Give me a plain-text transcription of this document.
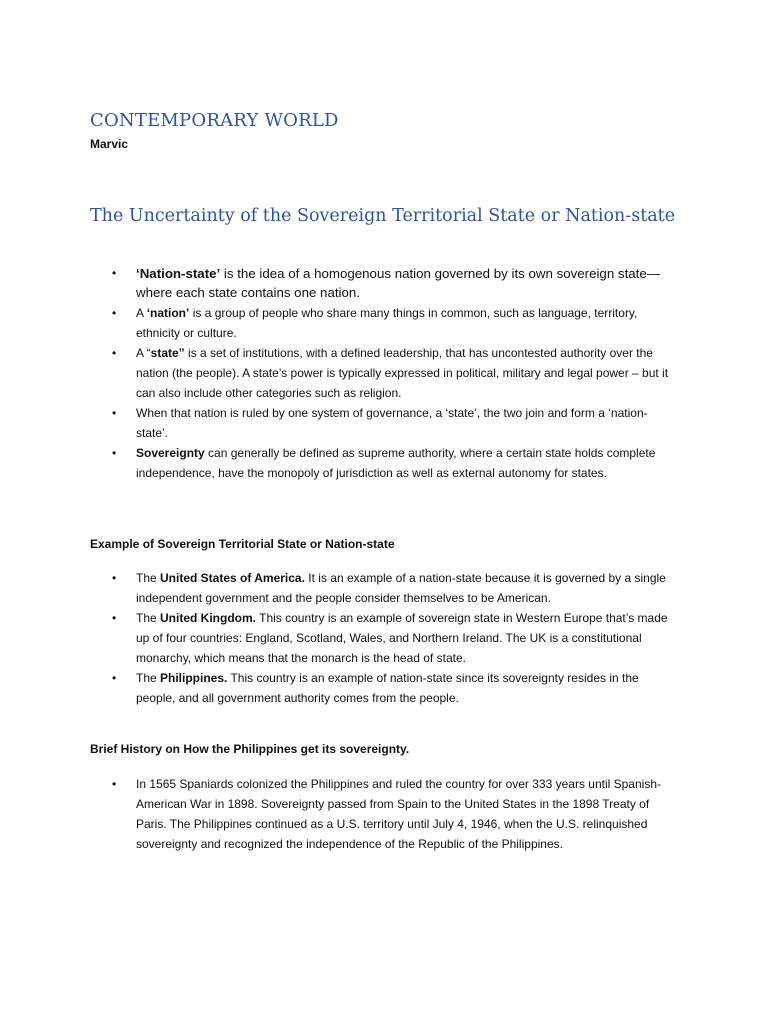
CONTEMPORARY WORLD
Marvic
The Uncertainty of the Sovereign Territorial State or Nation-state
• ‘Nation-state’ is the idea of a homogenous nation governed by its own sovereign state—where each state contains one nation.
• A ‘nation’ is a group of people who share many things in common, such as language, territory, ethnicity or culture.
• A “state” is a set of institutions, with a defined leadership, that has uncontested authority over the nation (the people). A state’s power is typically expressed in political, military and legal power – but it can also include other categories such as religion.
• When that nation is ruled by one system of governance, a ‘state’, the two join and form a ‘nation-state’.
• Sovereignty can generally be defined as supreme authority, where a certain state holds complete independence, have the monopoly of jurisdiction as well as external autonomy for states.
Example of Sovereign Territorial State or Nation-state
• The United States of America. It is an example of a nation-state because it is governed by a single independent government and the people consider themselves to be American.
• The United Kingdom. This country is an example of sovereign state in Western Europe that’s made up of four countries: England, Scotland, Wales, and Northern Ireland. The UK is a constitutional monarchy, which means that the monarch is the head of state.
• The Philippines. This country is an example of nation-state since its sovereignty resides in the people, and all government authority comes from the people.
Brief History on How the Philippines get its sovereignty.
• In 1565 Spaniards colonized the Philippines and ruled the country for over 333 years until Spanish-American War in 1898. Sovereignty passed from Spain to the United States in the 1898 Treaty of Paris. The Philippines continued as a U.S. territory until July 4, 1946, when the U.S. relinquished sovereignty and recognized the independence of the Republic of the Philippines.
